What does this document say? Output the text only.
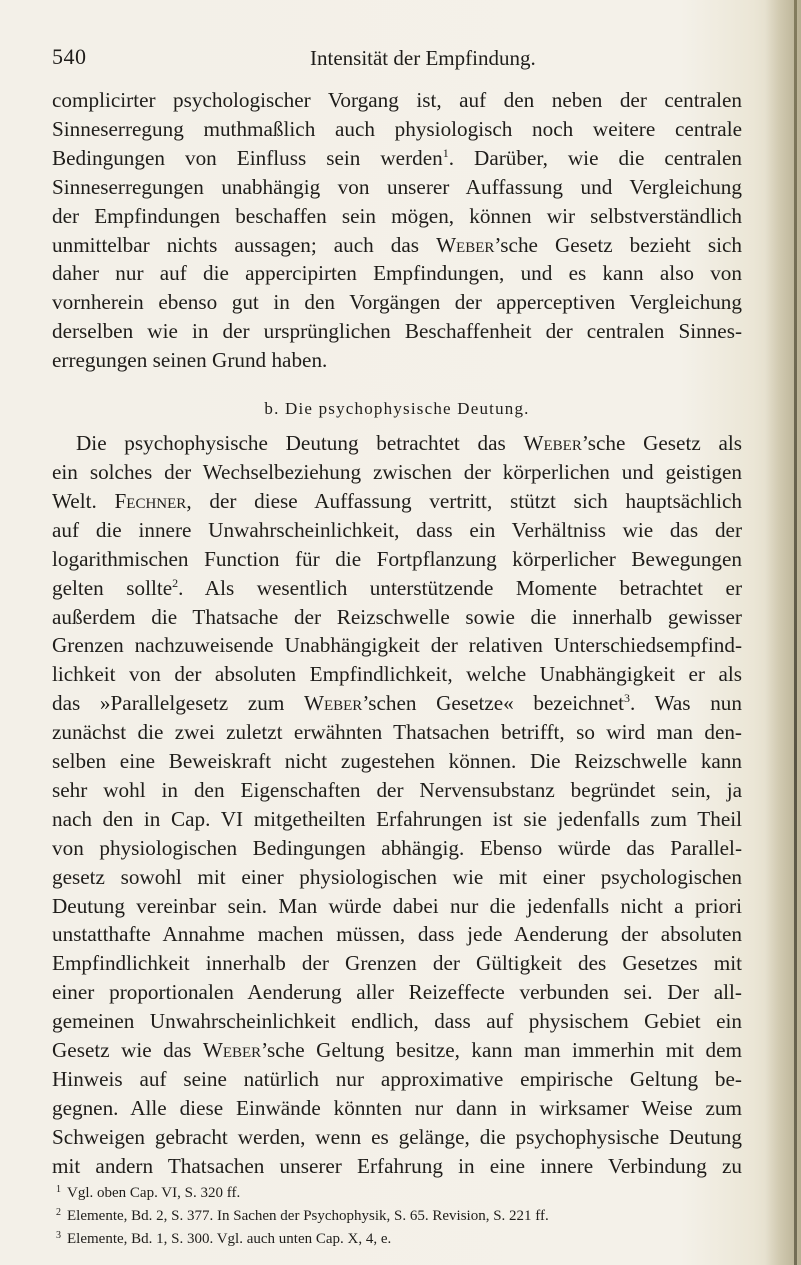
540	Intensität der Empfindung.
complicirter psychologischer Vorgang ist, auf den neben der centralen
Sinneserregung muthmaßlich auch physiologisch noch weitere centrale
Bedingungen von Einfluss sein werden$^1$. Darüber, wie die centralen
Sinneserregungen unabhängig von unserer Auffassung und Vergleichung
der Empfindungen beschaffen sein mögen, können wir selbstverständlich
unmittelbar nichts aussagen; auch das Weber’sche Gesetz bezieht sich
daher nur auf die appercipirten Empfindungen, und es kann also von
vornherein ebenso gut in den Vorgängen der apperceptiven Vergleichung
derselben wie in der ursprünglichen Beschaffenheit der centralen Sinnes-
erregungen seinen Grund haben.
b. Die psychophysische Deutung.
Die psychophysische Deutung betrachtet das Weber’sche Gesetz als
ein solches der Wechselbeziehung zwischen der körperlichen und geistigen
Welt. Fechner, der diese Auffassung vertritt, stützt sich hauptsächlich
auf die innere Unwahrscheinlichkeit, dass ein Verhältniss wie das der
logarithmischen Function für die Fortpflanzung körperlicher Bewegungen
gelten sollte$^2$. Als wesentlich unterstützende Momente betrachtet er
außerdem die Thatsache der Reizschwelle sowie die innerhalb gewisser
Grenzen nachzuweisende Unabhängigkeit der relativen Unterschiedsempfind-
lichkeit von der absoluten Empfindlichkeit, welche Unabhängigkeit er als
das »Parallelgesetz zum Weber’schen Gesetze« bezeichnet$^3$. Was nun
zunächst die zwei zuletzt erwähnten Thatsachen betrifft, so wird man den-
selben eine Beweiskraft nicht zugestehen können. Die Reizschwelle kann
sehr wohl in den Eigenschaften der Nervensubstanz begründet sein, ja
nach den in Cap. VI mitgetheilten Erfahrungen ist sie jedenfalls zum Theil
von physiologischen Bedingungen abhängig. Ebenso würde das Parallel-
gesetz sowohl mit einer physiologischen wie mit einer psychologischen
Deutung vereinbar sein. Man würde dabei nur die jedenfalls nicht a priori
unstatthafte Annahme machen müssen, dass jede Aenderung der absoluten
Empfindlichkeit innerhalb der Grenzen der Gültigkeit des Gesetzes mit
einer proportionalen Aenderung aller Reizeffecte verbunden sei. Der all-
gemeinen Unwahrscheinlichkeit endlich, dass auf physischem Gebiet ein
Gesetz wie das Weber’sche Geltung besitze, kann man immerhin mit dem
Hinweis auf seine natürlich nur approximative empirische Geltung be-
gegnen. Alle diese Einwände könnten nur dann in wirksamer Weise zum
Schweigen gebracht werden, wenn es gelänge, die psychophysische Deutung
mit andern Thatsachen unserer Erfahrung in eine innere Verbindung zu
$^1$ Vgl. oben Cap. VI, S. 320 ff.
$^2$ Elemente, Bd. 2, S. 377. In Sachen der Psychophysik, S. 65. Revision, S. 221 ff.
$^3$ Elemente, Bd. 1, S. 300. Vgl. auch unten Cap. X, 4, e.
